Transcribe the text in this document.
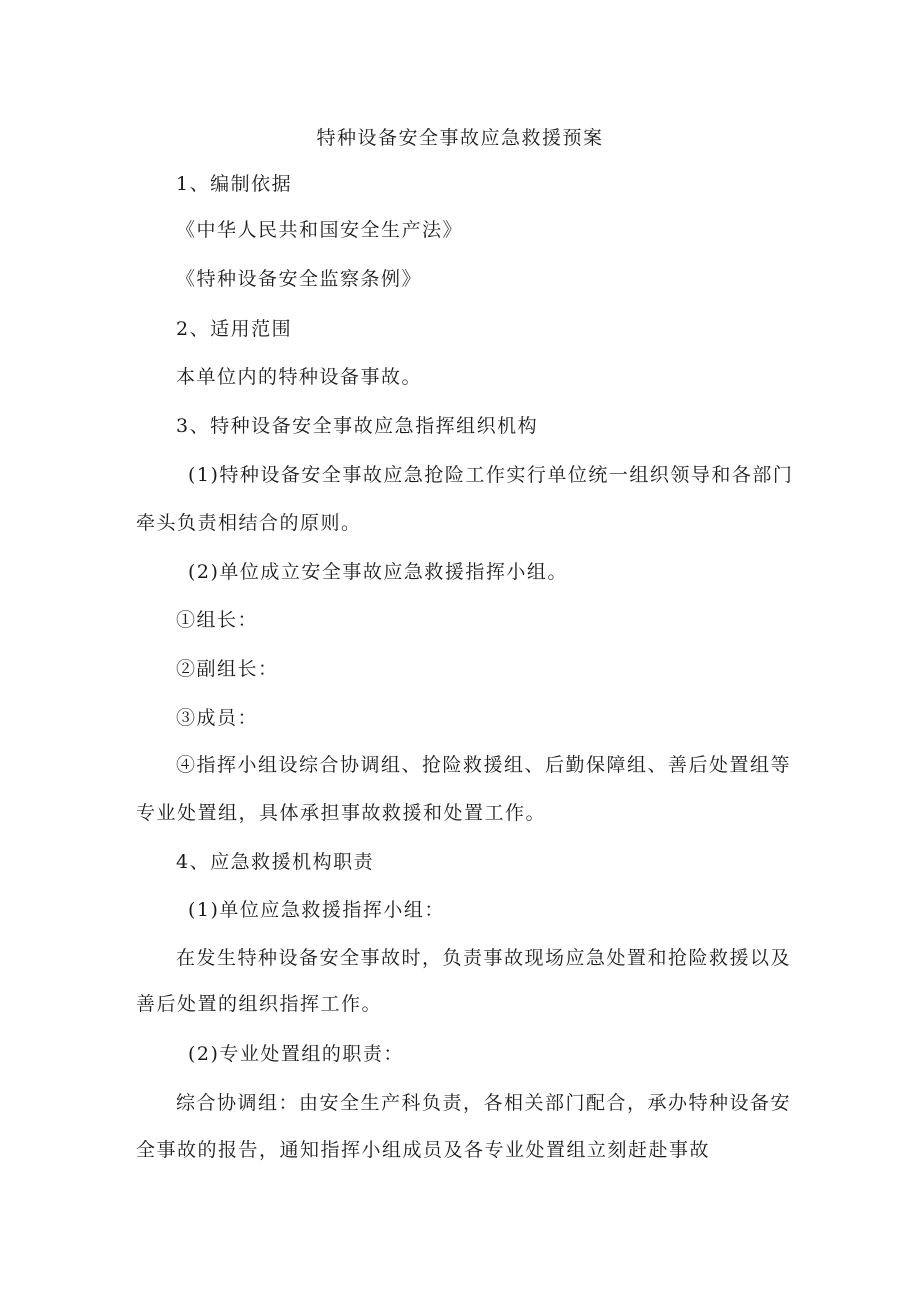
特种设备安全事故应急救援预案
1、编制依据
《中华人民共和国安全生产法》
《特种设备安全监察条例》
2、适用范围
本单位内的特种设备事故。
3、特种设备安全事故应急指挥组织机构
(1)特种设备安全事故应急抢险工作实行单位统一组织领导和各部门
牵头负责相结合的原则。
(2)单位成立安全事故应急救援指挥小组。
①组长：
②副组长：
③成员：
④指挥小组设综合协调组、抢险救援组、后勤保障组、善后处置组等
专业处置组，具体承担事故救援和处置工作。
4、应急救援机构职责
(1)单位应急救援指挥小组：
在发生特种设备安全事故时，负责事故现场应急处置和抢险救援以及
善后处置的组织指挥工作。
(2)专业处置组的职责：
综合协调组：由安全生产科负责，各相关部门配合，承办特种设备安
全事故的报告，通知指挥小组成员及各专业处置组立刻赶赴事故
